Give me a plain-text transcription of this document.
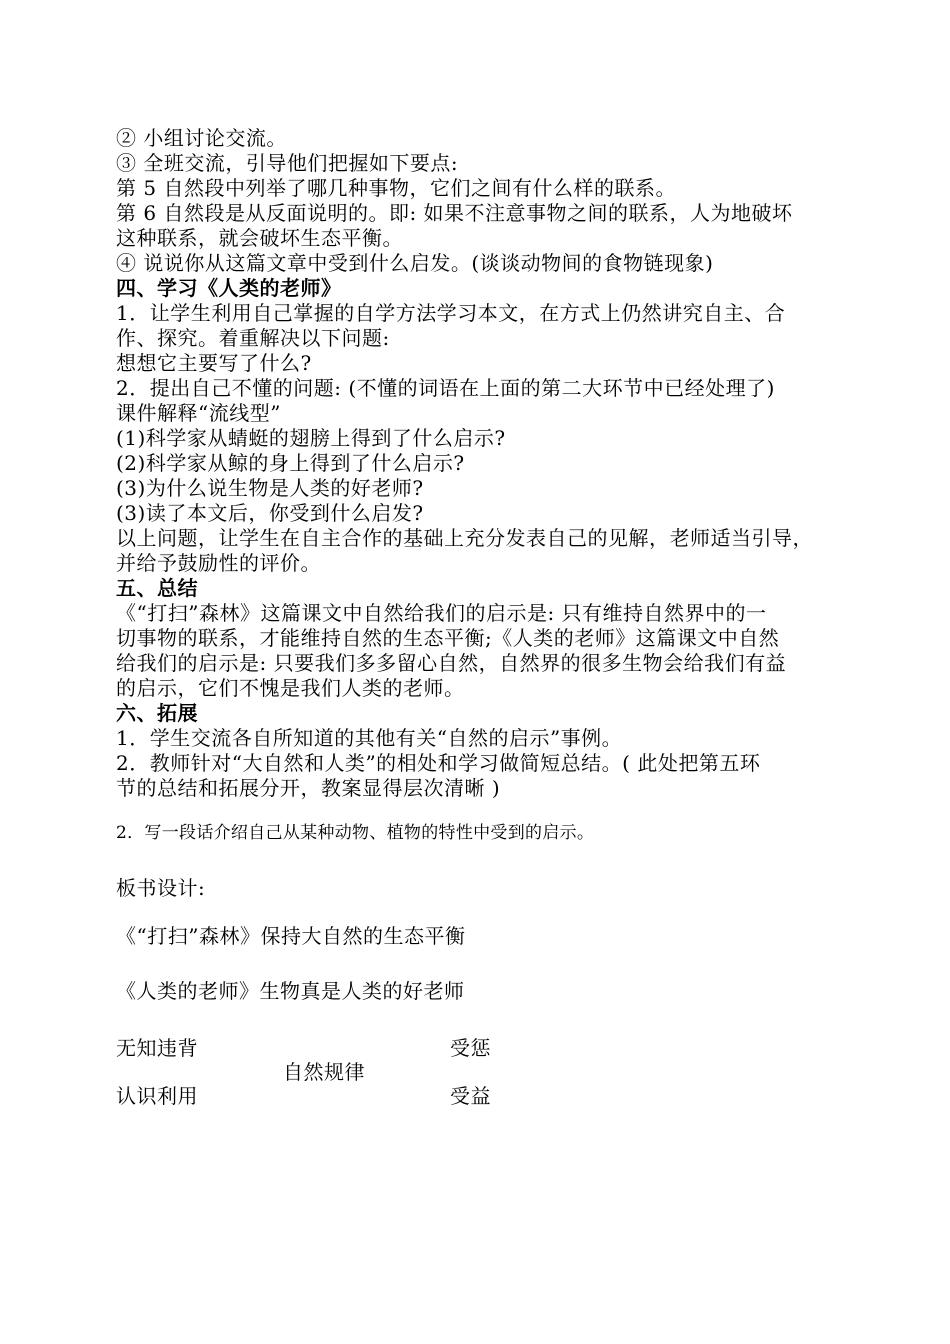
② 小组讨论交流。
③ 全班交流，引导他们把握如下要点:
第 5 自然段中列举了哪几种事物，它们之间有什么样的联系。
第 6 自然段是从反面说明的。即: 如果不注意事物之间的联系，人为地破坏
这种联系，就会破坏生态平衡。
④ 说说你从这篇文章中受到什么启发。(谈谈动物间的食物链现象)
四、学习《人类的老师》
1．让学生利用自己掌握的自学方法学习本文，在方式上仍然讲究自主、合
作、探究。着重解决以下问题:
想想它主要写了什么?
2．提出自己不懂的问题: (不懂的词语在上面的第二大环节中已经处理了)
课件解释“流线型”
(1)科学家从蜻蜓的翅膀上得到了什么启示?
(2)科学家从鲸的身上得到了什么启示?
(3)为什么说生物是人类的好老师?
(3)读了本文后，你受到什么启发?
以上问题，让学生在自主合作的基础上充分发表自己的见解，老师适当引导，
并给予鼓励性的评价。
五、总结
《“打扫”森林》这篇课文中自然给我们的启示是: 只有维持自然界中的一
切事物的联系，才能维持自然的生态平衡;《人类的老师》这篇课文中自然
给我们的启示是: 只要我们多多留心自然，自然界的很多生物会给我们有益
的启示，它们不愧是我们人类的老师。
六、拓展
1．学生交流各自所知道的其他有关“自然的启示”事例。
2．教师针对“大自然和人类”的相处和学习做简短总结。( 此处把第五环
节的总结和拓展分开，教案显得层次清晰 )
2．写一段话介绍自己从某种动物、植物的特性中受到的启示。
板书设计:
《“打扫”森林》保持大自然的生态平衡
《人类的老师》生物真是人类的好老师
无知违背
自然规律
认识利用
受惩
受益
